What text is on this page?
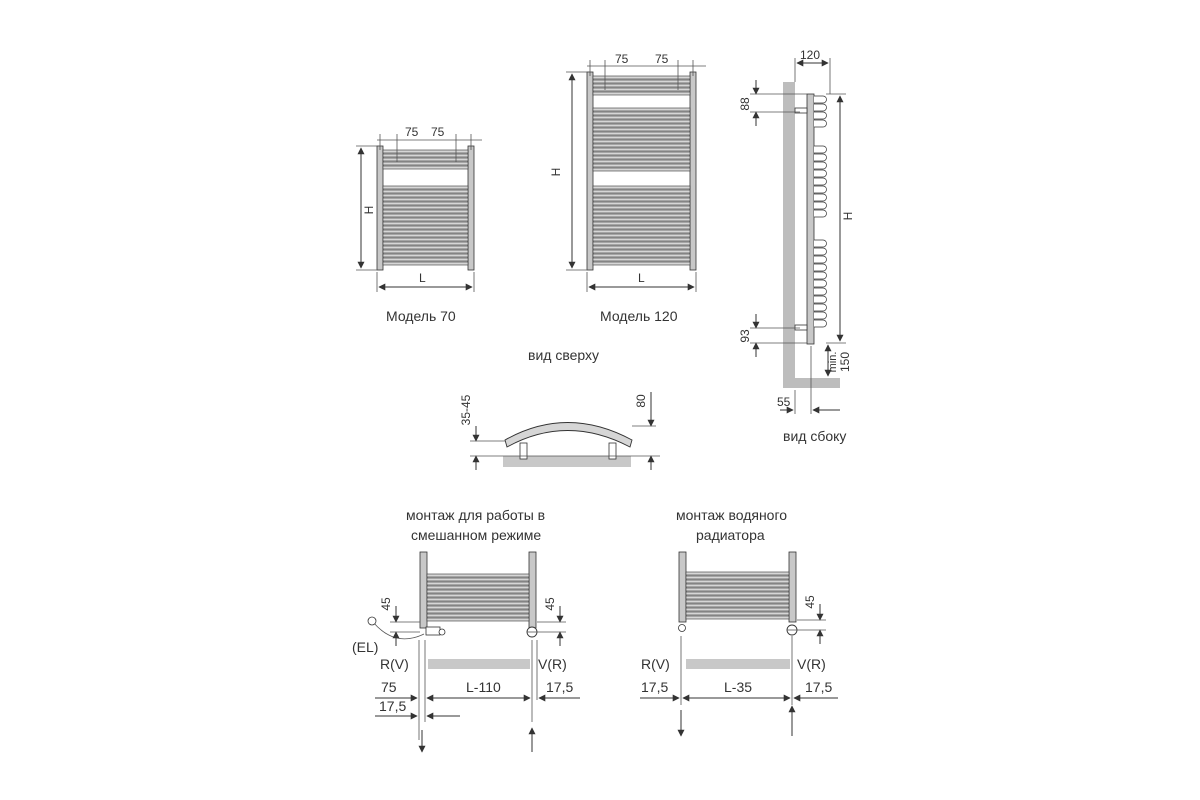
75 75
H
L
Модель 70
75 75
H
L
Модель 120
120
88
H
93
min. 150
55
вид сбоку
вид сверху
35-45	80
монтаж для работы в
смешанном режиме
45	45
(EL)
R(V)	V(R)
75	L-110	17,5
17,5
монтаж водяного
радиатора
45
R(V)	V(R)
17,5	L-35	17,5
